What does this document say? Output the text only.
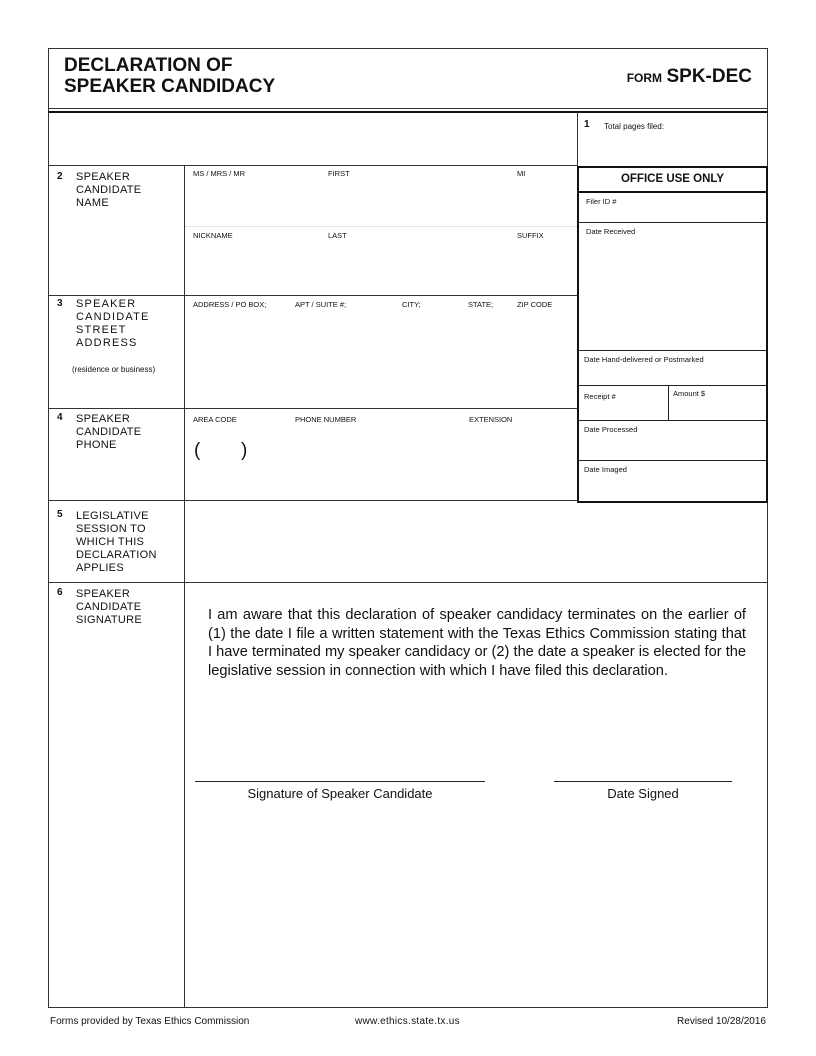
DECLARATION OF
SPEAKER CANDIDACY	FORM SPK-DEC
1 Total pages filed:
2 SPEAKER CANDIDATE NAME
MS / MRS / MR	FIRST	MI
NICKNAME	LAST	SUFFIX
3 SPEAKER CANDIDATE STREET ADDRESS
(residence or business)
ADDRESS / PO BOX;	APT / SUITE #;	CITY;	STATE;	ZIP CODE
4 SPEAKER CANDIDATE PHONE
AREA CODE	PHONE NUMBER	EXTENSION
( )
OFFICE USE ONLY
Filer ID #
Date Received
Date Hand-delivered or Postmarked
Receipt #	Amount $
Date Processed
Date Imaged
5 LEGISLATIVE SESSION TO WHICH THIS DECLARATION APPLIES
6 SPEAKER CANDIDATE SIGNATURE	I am aware that this declaration of speaker candidacy terminates on the earlier of (1) the date I file a written statement with the Texas Ethics Commission stating that I have terminated my speaker candidacy or (2) the date a speaker is elected for the legislative session in connection with which I have filed this declaration.
Signature of Speaker Candidate	Date Signed
Forms provided by Texas Ethics Commission	www.ethics.state.tx.us	Revised 10/28/2016
